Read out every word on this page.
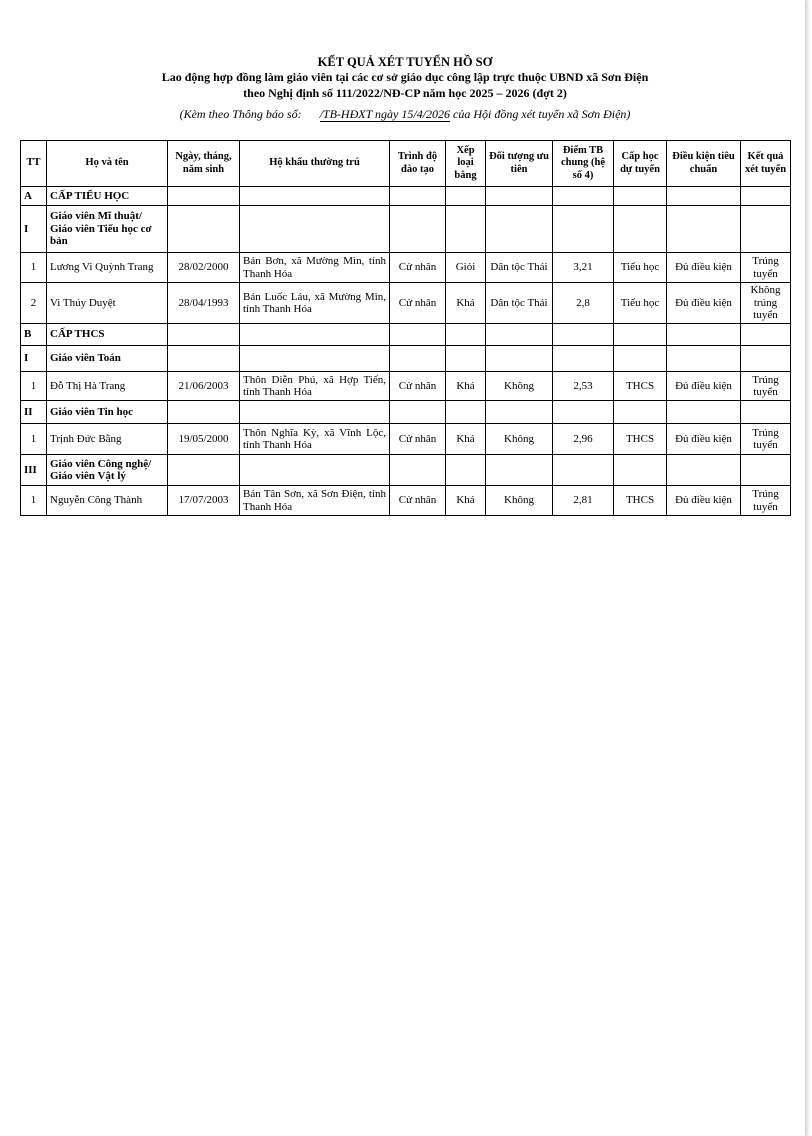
KẾT QUẢ XÉT TUYỂN HỒ SƠ
Lao động hợp đồng làm giáo viên tại các cơ sở giáo dục công lập trực thuộc UBND xã Sơn Điện
theo Nghị định số 111/2022/NĐ-CP năm học 2025 – 2026 (đợt 2)
(Kèm theo Thông báo số: /TB-HĐXT ngày 15/4/2026 của Hội đồng xét tuyển xã Sơn Điện)
TT	Họ và tên	Ngày, tháng, năm sinh	Hộ khẩu thường trú	Trình độ đào tạo	Xếp loại bằng	Đối tượng ưu tiên	Điểm TB chung (hệ số 4)	Cấp học dự tuyển	Điều kiện tiêu chuẩn	Kết quả xét tuyển
A	CẤP TIỂU HỌC									
I	Giáo viên Mĩ thuật/ Giáo viên Tiểu học cơ bản									
1	Lương Vi Quỳnh Trang	28/02/2000	Bản Bơn, xã Mường Mìn, tỉnh Thanh Hóa	Cử nhân	Giỏi	Dân tộc Thái	3,21	Tiểu học	Đủ điều kiện	Trúng tuyển
2	Vi Thúy Duyệt	28/04/1993	Bản Luốc Láu, xã Mường Mìn, tỉnh Thanh Hóa	Cử nhân	Khá	Dân tộc Thái	2,8	Tiểu học	Đủ điều kiện	Không trúng tuyển
B	CẤP THCS									
I	Giáo viên Toán									
1	Đỗ Thị Hà Trang	21/06/2003	Thôn Diễn Phú, xã Hợp Tiến, tỉnh Thanh Hóa	Cử nhân	Khá	Không	2,53	THCS	Đủ điều kiện	Trúng tuyển
II	Giáo viên Tin học									
1	Trịnh Đức Bằng	19/05/2000	Thôn Nghĩa Kỳ, xã Vĩnh Lộc, tỉnh Thanh Hóa	Cử nhân	Khá	Không	2,96	THCS	Đủ điều kiện	Trúng tuyển
III	Giáo viên Công nghệ/ Giáo viên Vật lý									
1	Nguyễn Công Thành	17/07/2003	Bản Tân Sơn, xã Sơn Điện, tỉnh Thanh Hóa	Cử nhân	Khá	Không	2,81	THCS	Đủ điều kiện	Trúng tuyển
